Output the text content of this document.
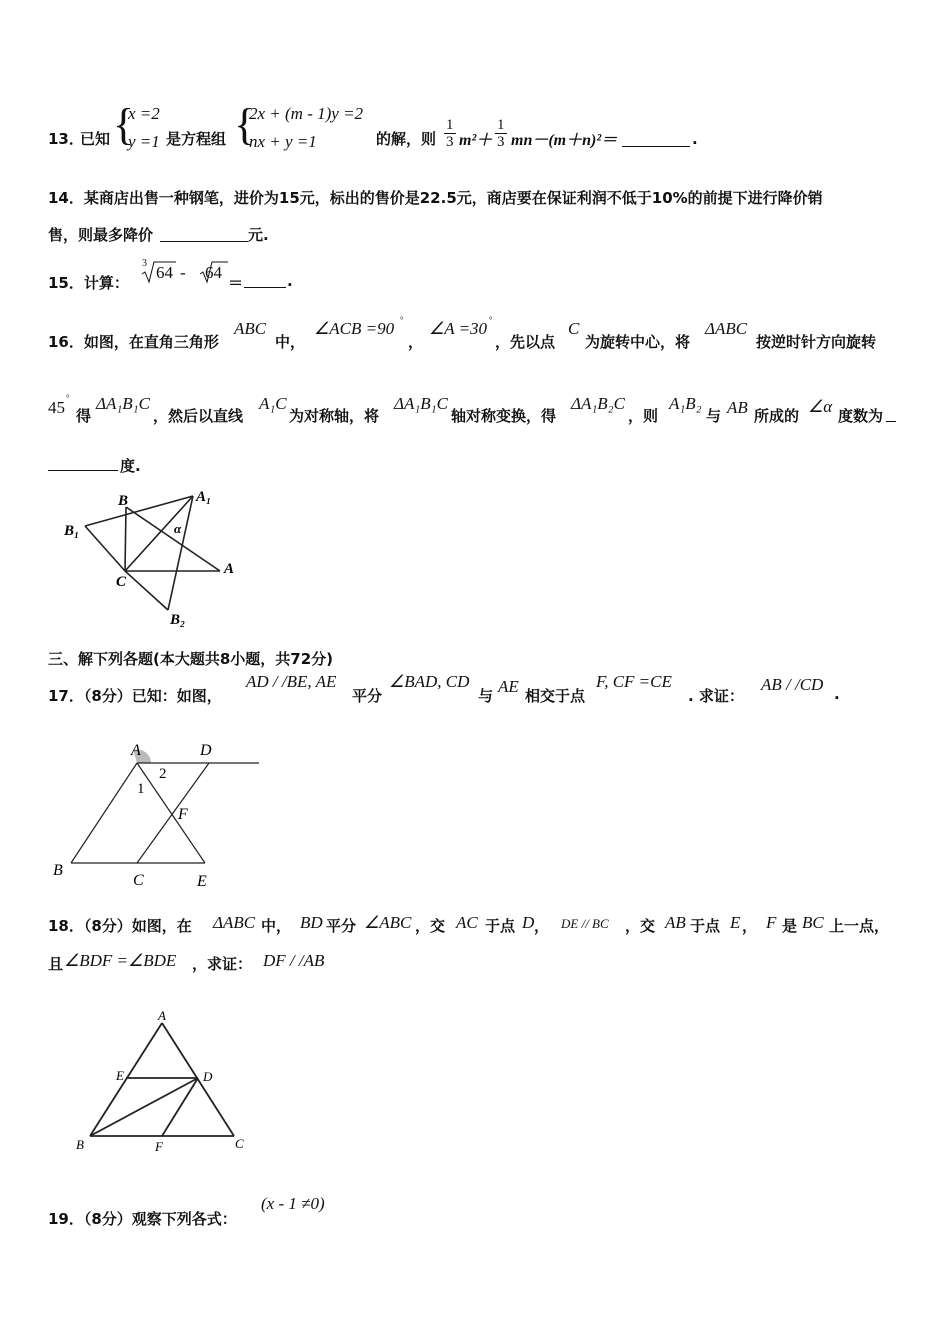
13．
已知 {
x =2
y =1 是方程组 {
2x + (m - 1)y =2
nx + y =1	的解，则 $\frac{1}{3} m^2+ \frac{1}{3} mn-(m+n)^2=$	.
14．某商店出售一种钢笔，进价为15元，标出的售价是22.5元，商店要在保证利润不低于10%的前提下进行降价销
售，则最多降价	元.
15．计算：
3 64 - 64
＝	.
16．如图，在直角三角形
ABC
中，
∠ACB =90 °
，
∠A =30 °
，先以点
C
为旋转中心，将
ΔABC
按逆时针方向旋转
45 °
得
ΔA₁B₁C
，然后以直线
A₁C
为对称轴，将
ΔA₁B₁C
轴对称变换，得
ΔA₁B₂C
，则
A₁B₂
与 AB 所成的 ∠α 度数为
度.
B	A₁
B₁	α
C
A
B₂
三、解下列各题(本大题共8小题，共72分)
17．（8分）已知：如图，
AD / /BE, AE
平分
∠BAD, CD
与 AE 相交于点
F, CF =CE
. 求证：
AB / /CD .
A	D
2
1
F
B
C	E
18．（8分）如图，在 ΔABC 中， BD 平分 ∠ABC ，交 AC 于点 D ， DE // BC ，交 AB 于点 E ， F 是 BC 上一点，
且 ∠BDF =∠BDE ，求证： DF / /AB
A
E	D
B	F	C
19．（8分）观察下列各式：
(x - 1 ≠0)
